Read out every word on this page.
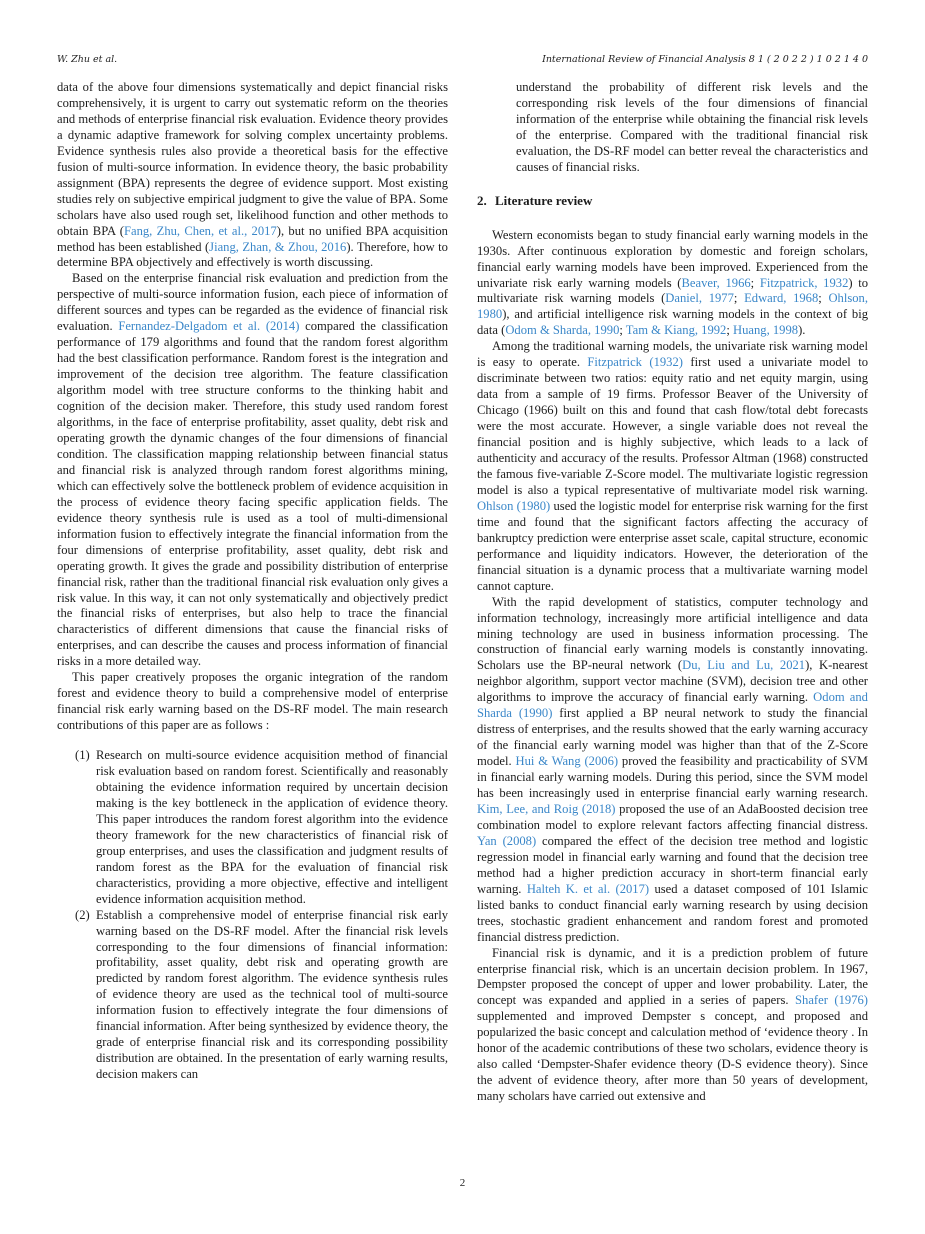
W. Zhu et al.	International Review of Financial Analysis 8 1 ( 2 0 2 2 ) 1 0 2 1 4 0

data of the above four dimensions systematically and depict financial risks comprehensively, it is urgent to carry out systematic reform on the theories and methods of enterprise financial risk evaluation. Evidence theory provides a dynamic adaptive framework for solving complex uncertainty problems. Evidence synthesis rules also provide a theoretical basis for the effective fusion of multi-source information. In evidence theory, the basic probability assignment (BPA) represents the degree of evidence support. Most existing studies rely on subjective empirical judgment to give the value of BPA. Some scholars have also used rough set, likelihood function and other methods to obtain BPA (Fang, Zhu, Chen, et al., 2017), but no unified BPA acquisition method has been established (Jiang, Zhan, & Zhou, 2016). Therefore, how to determine BPA objectively and effectively is worth discussing.

Based on the enterprise financial risk evaluation and prediction from the perspective of multi-source information fusion, each piece of information of different sources and types can be regarded as the evidence of financial risk evaluation. Fernandez-Delgadom et al. (2014) compared the classification performance of 179 algorithms and found that the random forest algorithm had the best classification performance. Random forest is the integration and improvement of the decision tree algorithm. The feature classification algorithm model with tree structure conforms to the thinking habit and cognition of the decision maker. Therefore, this study used random forest algorithms, in the face of enterprise profitability, asset quality, debt risk and operating growth the dynamic changes of the four dimensions of financial condition. The classification mapping relationship between financial status and financial risk is analyzed through random forest algorithms mining, which can effectively solve the bottleneck problem of evidence acquisition in the process of evidence theory facing specific application fields. The evidence theory synthesis rule is used as a tool of multi-dimensional information fusion to effectively integrate the financial information from the four dimensions of enterprise profitability, asset quality, debt risk and operating growth. It gives the grade and possibility distribution of enterprise financial risk, rather than the traditional financial risk evaluation only gives a risk value. In this way, it can not only systematically and objectively predict the financial risks of enterprises, but also help to trace the financial characteristics of different dimensions that cause the financial risks of enterprises, and can describe the causes and process information of financial risks in a more detailed way.

This paper creatively proposes the organic integration of the random forest and evidence theory to build a comprehensive model of enterprise financial risk early warning based on the DS-RF model. The main research contributions of this paper are as follows :

(1) Research on multi-source evidence acquisition method of financial risk evaluation based on random forest. Scientifically and reasonably obtaining the evidence information required by uncertain decision making is the key bottleneck in the application of evidence theory. This paper introduces the random forest algorithm into the evidence theory framework for the new characteristics of financial risk of group enterprises, and uses the classification and judgment results of random forest as the BPA for the evaluation of financial risk characteristics, providing a more objective, effective and intelligent evidence information acquisition method.
(2) Establish a comprehensive model of enterprise financial risk early warning based on the DS-RF model. After the financial risk levels corresponding to the four dimensions of financial information: profitability, asset quality, debt risk and operating growth are predicted by random forest algorithm. The evidence synthesis rules of evidence theory are used as the technical tool of multi-source information fusion to effectively integrate the four dimensions of financial information. After being synthesized by evidence theory, the grade of enterprise financial risk and its corresponding possibility distribution are obtained. In the presentation of early warning results, decision makers can
understand the probability of different risk levels and the corresponding risk levels of the four dimensions of financial information of the enterprise while obtaining the financial risk levels of the enterprise. Compared with the traditional financial risk evaluation, the DS-RF model can better reveal the characteristics and causes of financial risks.
2. Literature review

Western economists began to study financial early warning models in the 1930s. After continuous exploration by domestic and foreign scholars, financial early warning models have been improved. Experienced from the univariate risk early warning models (Beaver, 1966; Fitzpatrick, 1932) to multivariate risk warning models (Daniel, 1977; Edward, 1968; Ohlson, 1980), and artificial intelligence risk warning models in the context of big data (Odom & Sharda, 1990; Tam & Kiang, 1992; Huang, 1998).

Among the traditional warning models, the univariate risk warning model is easy to operate. Fitzpatrick (1932) first used a univariate model to discriminate between two ratios: equity ratio and net equity margin, using data from a sample of 19 firms. Professor Beaver of the University of Chicago (1966) built on this and found that cash flow/total debt forecasts were the most accurate. However, a single variable does not reveal the financial position and is highly subjective, which leads to a lack of authenticity and accuracy of the results. Professor Altman (1968) constructed the famous five-variable Z-Score model. The multivariate logistic regression model is also a typical representative of multivariate model risk warning. Ohlson (1980) used the logistic model for enterprise risk warning for the first time and found that the significant factors affecting the accuracy of bankruptcy prediction were enterprise asset scale, capital structure, economic performance and liquidity indicators. However, the deterioration of the financial situation is a dynamic process that a multivariate warning model cannot capture.

With the rapid development of statistics, computer technology and information technology, increasingly more artificial intelligence and data mining technology are used in business information processing. The construction of financial early warning models is constantly innovating. Scholars use the BP-neural network (Du, Liu and Lu, 2021), K-nearest neighbor algorithm, support vector machine (SVM), decision tree and other algorithms to improve the accuracy of financial early warning. Odom and Sharda (1990) first applied a BP neural network to study the financial distress of enterprises, and the results showed that the early warning accuracy of the financial early warning model was higher than that of the Z-Score model. Hui & Wang (2006) proved the feasibility and practicability of SVM in financial early warning models. During this period, since the SVM model has been increasingly used in enterprise financial early warning research. Kim, Lee, and Roig (2018) proposed the use of an AdaBoosted decision tree combination model to explore relevant factors affecting financial distress. Yan (2008) compared the effect of the decision tree method and logistic regression model in financial early warning and found that the decision tree method had a higher prediction accuracy in short-term financial early warning. Halteh K. et al. (2017) used a dataset composed of 101 Islamic listed banks to conduct financial early warning research by using decision trees, stochastic gradient enhancement and random forest and promoted financial distress prediction.

Financial risk is dynamic, and it is a prediction problem of future enterprise financial risk, which is an uncertain decision problem. In 1967, Dempster proposed the concept of upper and lower probability. Later, the concept was expanded and applied in a series of papers. Shafer (1976) supplemented and improved Dempster s concept, and proposed and popularized the basic concept and calculation method of ‘evidence theory . In honor of the academic contributions of these two scholars, evidence theory is also called ‘Dempster-Shafer evidence theory (D-S evidence theory). Since the advent of evidence theory, after more than 50 years of development, many scholars have carried out extensive and

2
